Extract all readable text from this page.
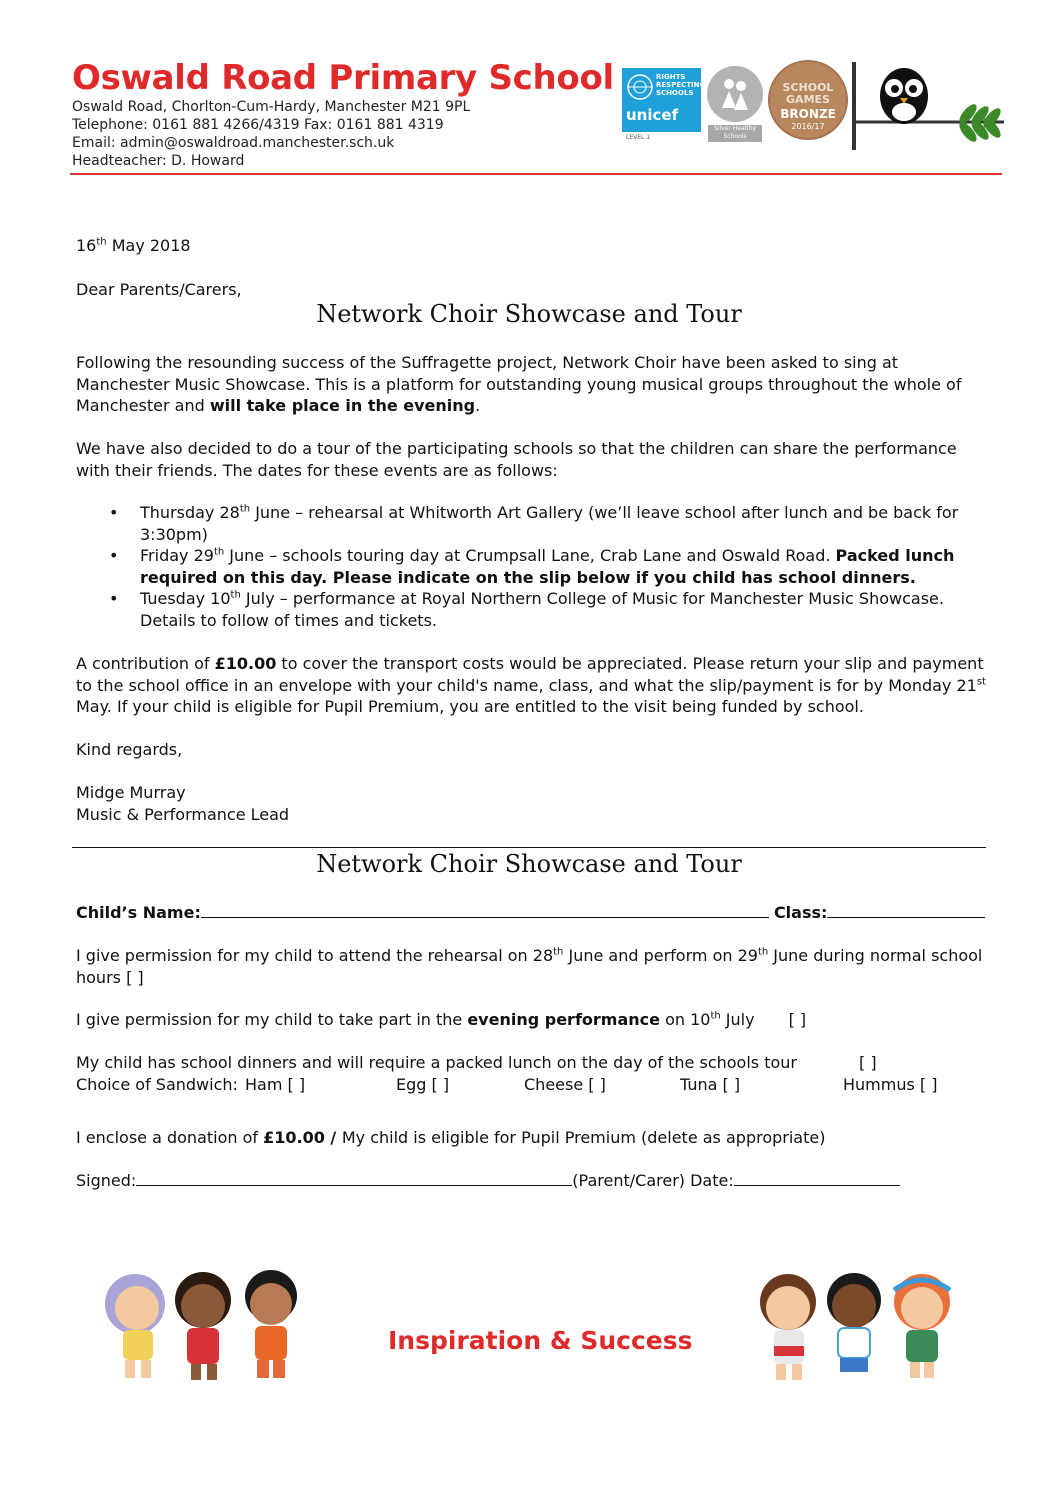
Oswald Road Primary School
Oswald Road, Chorlton-Cum-Hardy, Manchester M21 9PL
Telephone: 0161 881 4266/4319 Fax: 0161 881 4319
Email: admin@oswaldroad.manchester.sch.uk
Headteacher: D. Howard
RIGHTS RESPECTING SCHOOLS
unicef
LEVEL 1
Silver Healthy Schools
SCHOOL GAMES
BRONZE
2016/17
16th May 2018
Dear Parents/Carers,
Network Choir Showcase and Tour
Following the resounding success of the Suffragette project, Network Choir have been asked to sing at Manchester Music Showcase. This is a platform for outstanding young musical groups throughout the whole of Manchester and will take place in the evening.
We have also decided to do a tour of the participating schools so that the children can share the performance with their friends. The dates for these events are as follows:
• Thursday 28th June – rehearsal at Whitworth Art Gallery (we’ll leave school after lunch and be back for 3:30pm)
• Friday 29th June – schools touring day at Crumpsall Lane, Crab Lane and Oswald Road. Packed lunch required on this day. Please indicate on the slip below if you child has school dinners.
• Tuesday 10th July – performance at Royal Northern College of Music for Manchester Music Showcase. Details to follow of times and tickets.
A contribution of £10.00 to cover the transport costs would be appreciated. Please return your slip and payment to the school office in an envelope with your child's name, class, and what the slip/payment is for by Monday 21st May. If your child is eligible for Pupil Premium, you are entitled to the visit being funded by school.
Kind regards,
Midge Murray
Music & Performance Lead
Network Choir Showcase and Tour
Child’s Name:	Class:
I give permission for my child to attend the rehearsal on 28th June and perform on 29th June during normal school hours [ ]
I give permission for my child to take part in the evening performance on 10th July [ ]
My child has school dinners and will require a packed lunch on the day of the schools tour	[ ]
Choice of Sandwich: Ham [ ]	Egg [ ]	Cheese [ ]	Tuna [ ]	Hummus [ ]
I enclose a donation of £10.00 / My child is eligible for Pupil Premium (delete as appropriate)
Signed:	(Parent/Carer) Date:
Inspiration & Success
